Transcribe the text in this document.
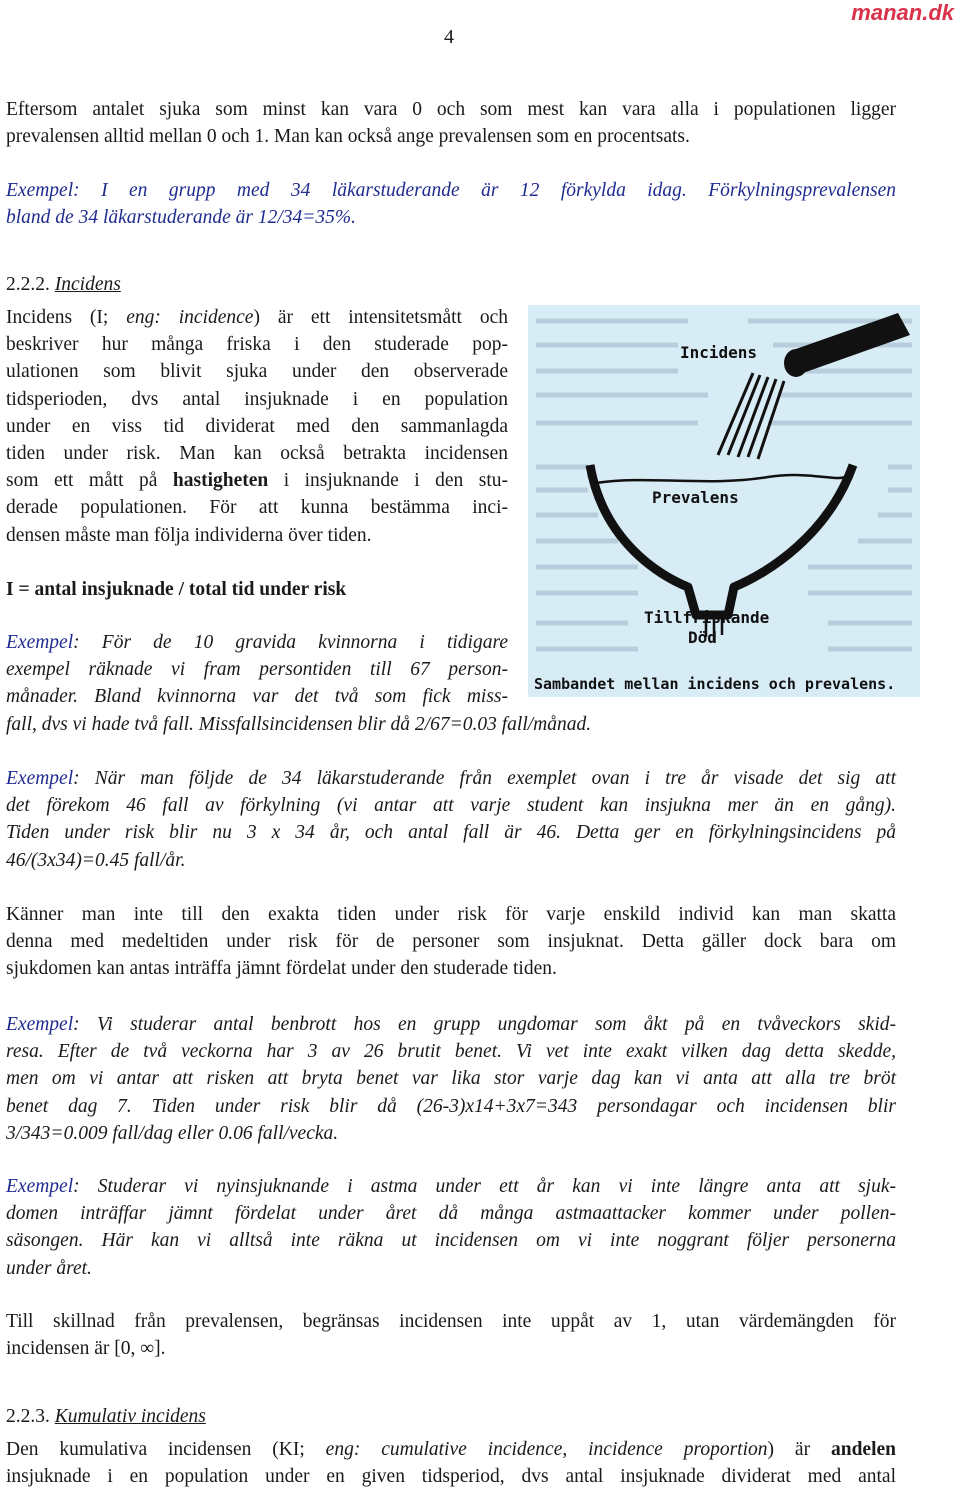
manan.dk
4
Eftersom antalet sjuka som minst kan vara 0 och som mest kan vara alla i populationen ligger
prevalensen alltid mellan 0 och 1. Man kan också ange prevalensen som en procentsats.
Exempel: I en grupp med 34 läkarstuderande är 12 förkylda idag. Förkylningsprevalensen
bland de 34 läkarstuderande är 12/34=35%.
2.2.2. Incidens
Incidens (I; eng: incidence) är ett intensitetsmått och
beskriver hur många friska i den studerade pop-
ulationen som blivit sjuka under den observerade
tidsperioden, dvs antal insjuknade i en population
under en viss tid dividerat med den sammanlagda
tiden under risk. Man kan också betrakta incidensen
som ett mått på hastigheten i insjuknande i den stu-
derade populationen. För att kunna bestämma inci-
densen måste man följa individerna över tiden.
I = antal insjuknade / total tid under risk
Exempel: För de 10 gravida kvinnorna i tidigare
exempel räknade vi fram persontiden till 67 person-
månader. Bland kvinnorna var det två som fick miss-
fall, dvs vi hade två fall. Missfallsincidensen blir då 2/67=0.03 fall/månad.
Incidens
Prevalens
Tillfriskande
Död
Sambandet mellan incidens och prevalens.
Exempel: När man följde de 34 läkarstuderande från exemplet ovan i tre år visade det sig att
det förekom 46 fall av förkylning (vi antar att varje student kan insjukna mer än en gång).
Tiden under risk blir nu 3 x 34 år, och antal fall är 46. Detta ger en förkylningsincidens på
46/(3x34)=0.45 fall/år.
Känner man inte till den exakta tiden under risk för varje enskild individ kan man skatta
denna med medeltiden under risk för de personer som insjuknat. Detta gäller dock bara om
sjukdomen kan antas inträffa jämnt fördelat under den studerade tiden.
Exempel: Vi studerar antal benbrott hos en grupp ungdomar som åkt på en tvåveckors skid-
resa. Efter de två veckorna har 3 av 26 brutit benet. Vi vet inte exakt vilken dag detta skedde,
men om vi antar att risken att bryta benet var lika stor varje dag kan vi anta att alla tre bröt
benet dag 7. Tiden under risk blir då (26-3)x14+3x7=343 persondagar och incidensen blir
3/343=0.009 fall/dag eller 0.06 fall/vecka.
Exempel: Studerar vi nyinsjuknande i astma under ett år kan vi inte längre anta att sjuk-
domen inträffar jämnt fördelat under året då många astmaattacker kommer under pollen-
säsongen. Här kan vi alltså inte räkna ut incidensen om vi inte noggrant följer personerna
under året.
Till skillnad från prevalensen, begränsas incidensen inte uppåt av 1, utan värdemängden för
incidensen är [0, ∞].
2.2.3. Kumulativ incidens
Den kumulativa incidensen (KI; eng: cumulative incidence, incidence proportion) är andelen
insjuknade i en population under en given tidsperiod, dvs antal insjuknade dividerat med antal
